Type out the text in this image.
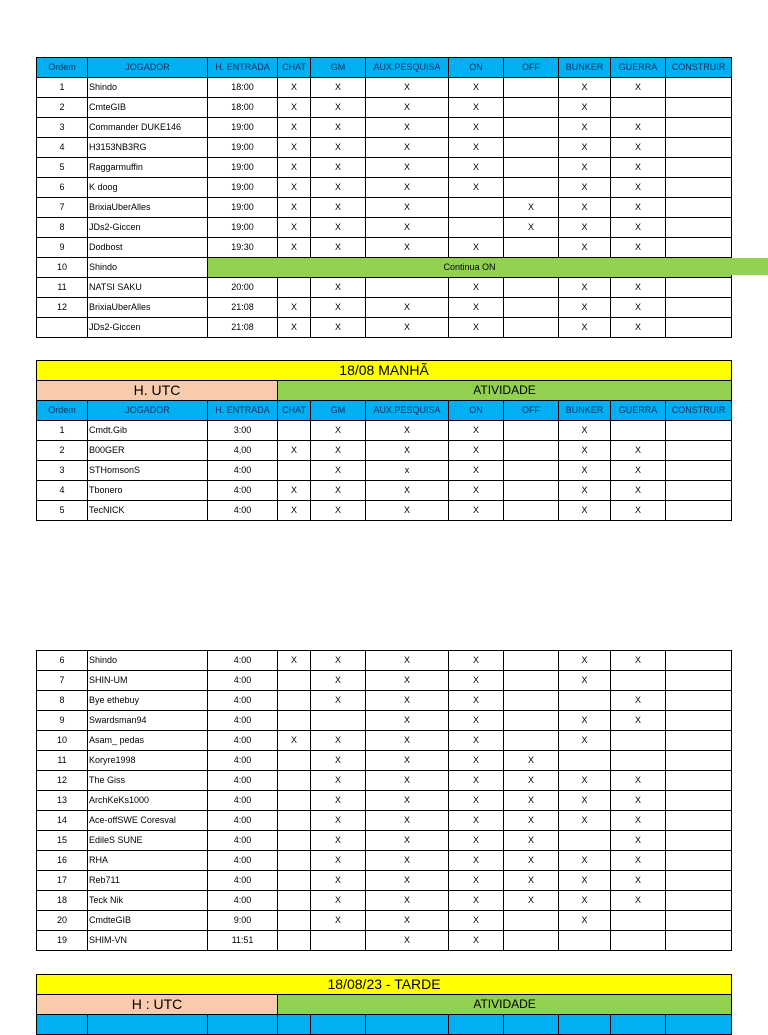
Ordem	JOGADOR	H. ENTRADA	CHAT	GM	AUX.PESQUISA	ON	OFF	BUNKER	GUERRA	CONSTRUIR
1	Shindo	18:00	X	X	X	X		X	X	
2	CmteGIB	18:00	X	X	X	X		X		
3	Commander DUKE146	19:00	X	X	X	X		X	X	
4	H3153NB3RG	19:00	X	X	X	X		X	X	
5	Raggarmuffin	19:00	X	X	X	X		X	X	
6	K doog	19:00	X	X	X	X		X	X	
7	BrixiaUberAlles	19:00	X	X	X		X	X	X	
8	JDs2-Giccen	19:00	X	X	X		X	X	X	
9	Dodbost	19:30	X	X	X	X		X	X	
10	Shindo	Continua ON								
11	NATSI SAKU	20:00		X		X		X	X	
12	BrixiaUberAlles	21:08	X	X	X	X		X	X	
	JDs2-Giccen	21:08	X	X	X	X		X	X	
18/08 MANHÃ										
H. UTC			ATIVIDADE							
Ordem	JOGADOR	H. ENTRADA	CHAT	GM	AUX.PESQUISA	ON	OFF	BUNKER	GUERRA	CONSTRUIR
1	Cmdt.Gib	3:00		X	X	X		X		
2	B00GER	4,00	X	X	X	X		X	X	
3	STHomsonS	4:00		X	x	X		X	X	
4	Tbonero	4:00	X	X	X	X		X	X	
5	TecNICK	4:00	X	X	X	X		X	X	
6	Shindo	4:00	X	X	X	X		X	X	
7	SHIN-UM	4:00		X	X	X		X		
8	Bye ethebuy	4:00		X	X	X			X	
9	Swardsman94	4:00			X	X		X	X	
10	Asam_ pedas	4:00	X	X	X	X		X		
11	Koryre1998	4:00		X	X	X	X			
12	The Giss	4:00		X	X	X	X	X	X	
13	ArchKeKs1000	4:00		X	X	X	X	X	X	
14	Ace-offSWE Coresval	4:00		X	X	X	X	X	X	
15	EdileS SUNE	4:00		X	X	X	X		X	
16	RHA	4:00		X	X	X	X	X	X	
17	Reb711	4:00		X	X	X	X	X	X	
18	Teck Nik	4:00		X	X	X	X	X	X	
20	CmdteGIB	9:00		X	X	X		X		
19	SHIM-VN	11:51			X	X				
18/08/23 - TARDE										
H : UTC			ATIVIDADE							
